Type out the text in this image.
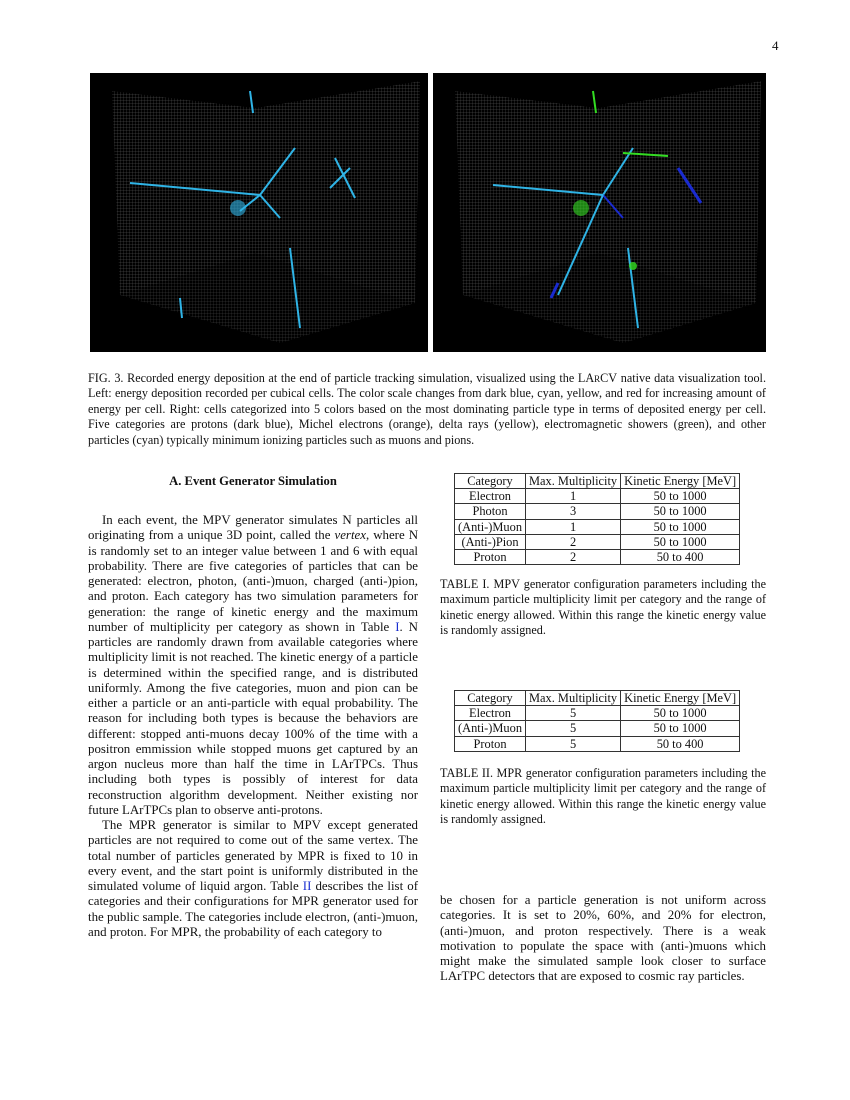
4
FIG. 3. Recorded energy deposition at the end of particle tracking simulation, visualized using the LArCV native data visualization tool. Left: energy deposition recorded per cubical cells. The color scale changes from dark blue, cyan, yellow, and red for increasing amount of energy per cell. Right: cells categorized into 5 colors based on the most dominating particle type in terms of deposited energy per cell. Five categories are protons (dark blue), Michel electrons (orange), delta rays (yellow), electromagnetic showers (green), and other particles (cyan) typically minimum ionizing particles such as muons and pions.
A. Event Generator Simulation

In each event, the MPV generator simulates N particles all originating from a unique 3D point, called the vertex, where N is randomly set to an integer value between 1 and 6 with equal probability. There are five categories of particles that can be generated: electron, photon, (anti-)muon, charged (anti-)pion, and proton. Each category has two simulation parameters for generation: the range of kinetic energy and the maximum number of multiplicity per category as shown in Table I. N particles are randomly drawn from available categories where multiplicity limit is not reached. The kinetic energy of a particle is determined within the specified range, and is distributed uniformly. Among the five categories, muon and pion can be either a particle or an anti-particle with equal probability. The reason for including both types is because the behaviors are different: stopped anti-muons decay 100% of the time with a positron emmission while stopped muons get captured by an argon nucleus more than half the time in LArTPCs. Thus including both types is possibly of interest for data reconstruction algorithm development. Neither existing nor future LArTPCs plan to observe anti-protons.

The MPR generator is similar to MPV except generated particles are not required to come out of the same vertex. The total number of particles generated by MPR is fixed to 10 in every event, and the start point is uniformly distributed in the simulated volume of liquid argon. Table II describes the list of categories and their configurations for MPR generator used for the public sample. The categories include electron, (anti-)muon, and proton. For MPR, the probability of each category to

Category	Max. Multiplicity	Kinetic Energy [MeV]
Electron	1	50 to 1000
Photon	3	50 to 1000
(Anti-)Muon	1	50 to 1000
(Anti-)Pion	2	50 to 1000
Proton	2	50 to 400
TABLE I. MPV generator configuration parameters including the maximum particle multiplicity limit per category and the range of kinetic energy allowed. Within this range the kinetic energy value is randomly assigned.
Category	Max. Multiplicity	Kinetic Energy [MeV]
Electron	5	50 to 1000
(Anti-)Muon	5	50 to 1000
Proton	5	50 to 400
TABLE II. MPR generator configuration parameters including the maximum particle multiplicity limit per category and the range of kinetic energy allowed. Within this range the kinetic energy value is randomly assigned.

be chosen for a particle generation is not uniform across categories. It is set to 20%, 60%, and 20% for electron, (anti-)muon, and proton respectively. There is a weak motivation to populate the space with (anti-)muons which might make the simulated sample look closer to surface LArTPC detectors that are exposed to cosmic ray particles.
